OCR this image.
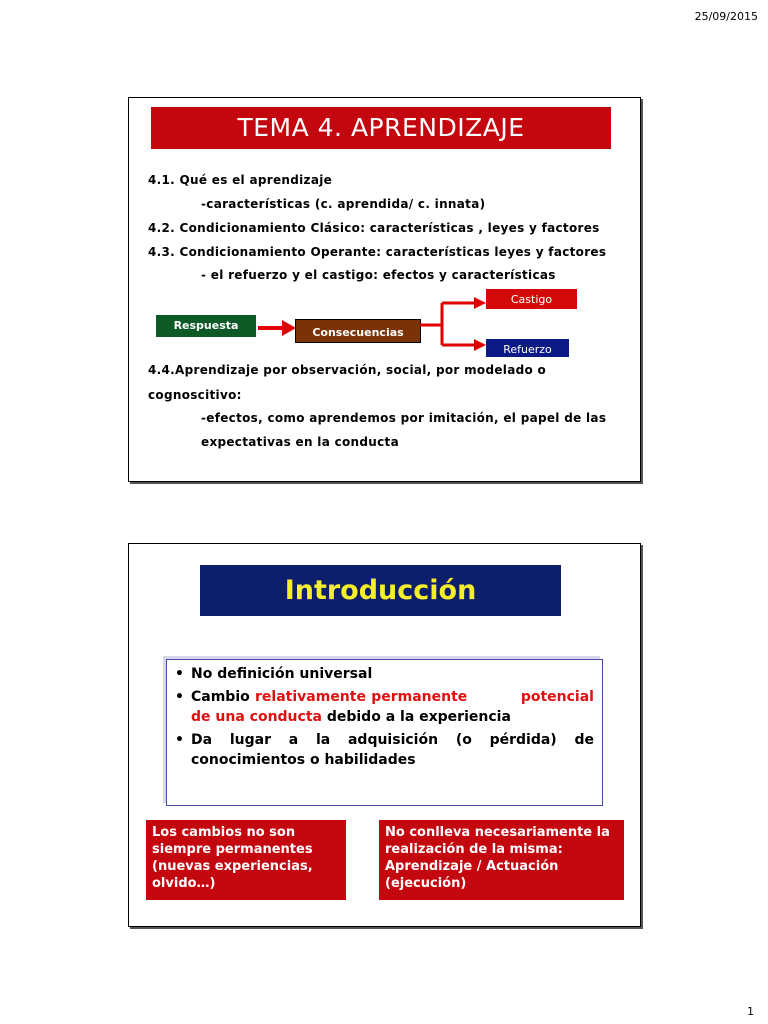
25/09/2015
TEMA 4. APRENDIZAJE
4.1. Qué es el aprendizaje
-características (c. aprendida/ c. innata)
4.2. Condicionamiento Clásico: características , leyes y factores
4.3. Condicionamiento Operante: características leyes y factores
- el refuerzo y el castigo: efectos y características
Respuesta
Consecuencias
Castigo
Refuerzo
4.4.Aprendizaje por observación, social, por modelado o
cognoscitivo:
-efectos, como aprendemos por imitación, el papel de las
expectativas en la conducta
Introducción
• No definición universal
• Cambio relativamente permanente en su potencial de una conducta debido a la experiencia
• Da lugar a la adquisición (o pérdida) de conocimientos o habilidades
Los cambios no son siempre permanentes (nuevas experiencias, olvido…)
No conlleva necesariamente la realización de la misma: Aprendizaje / Actuación (ejecución)
1
